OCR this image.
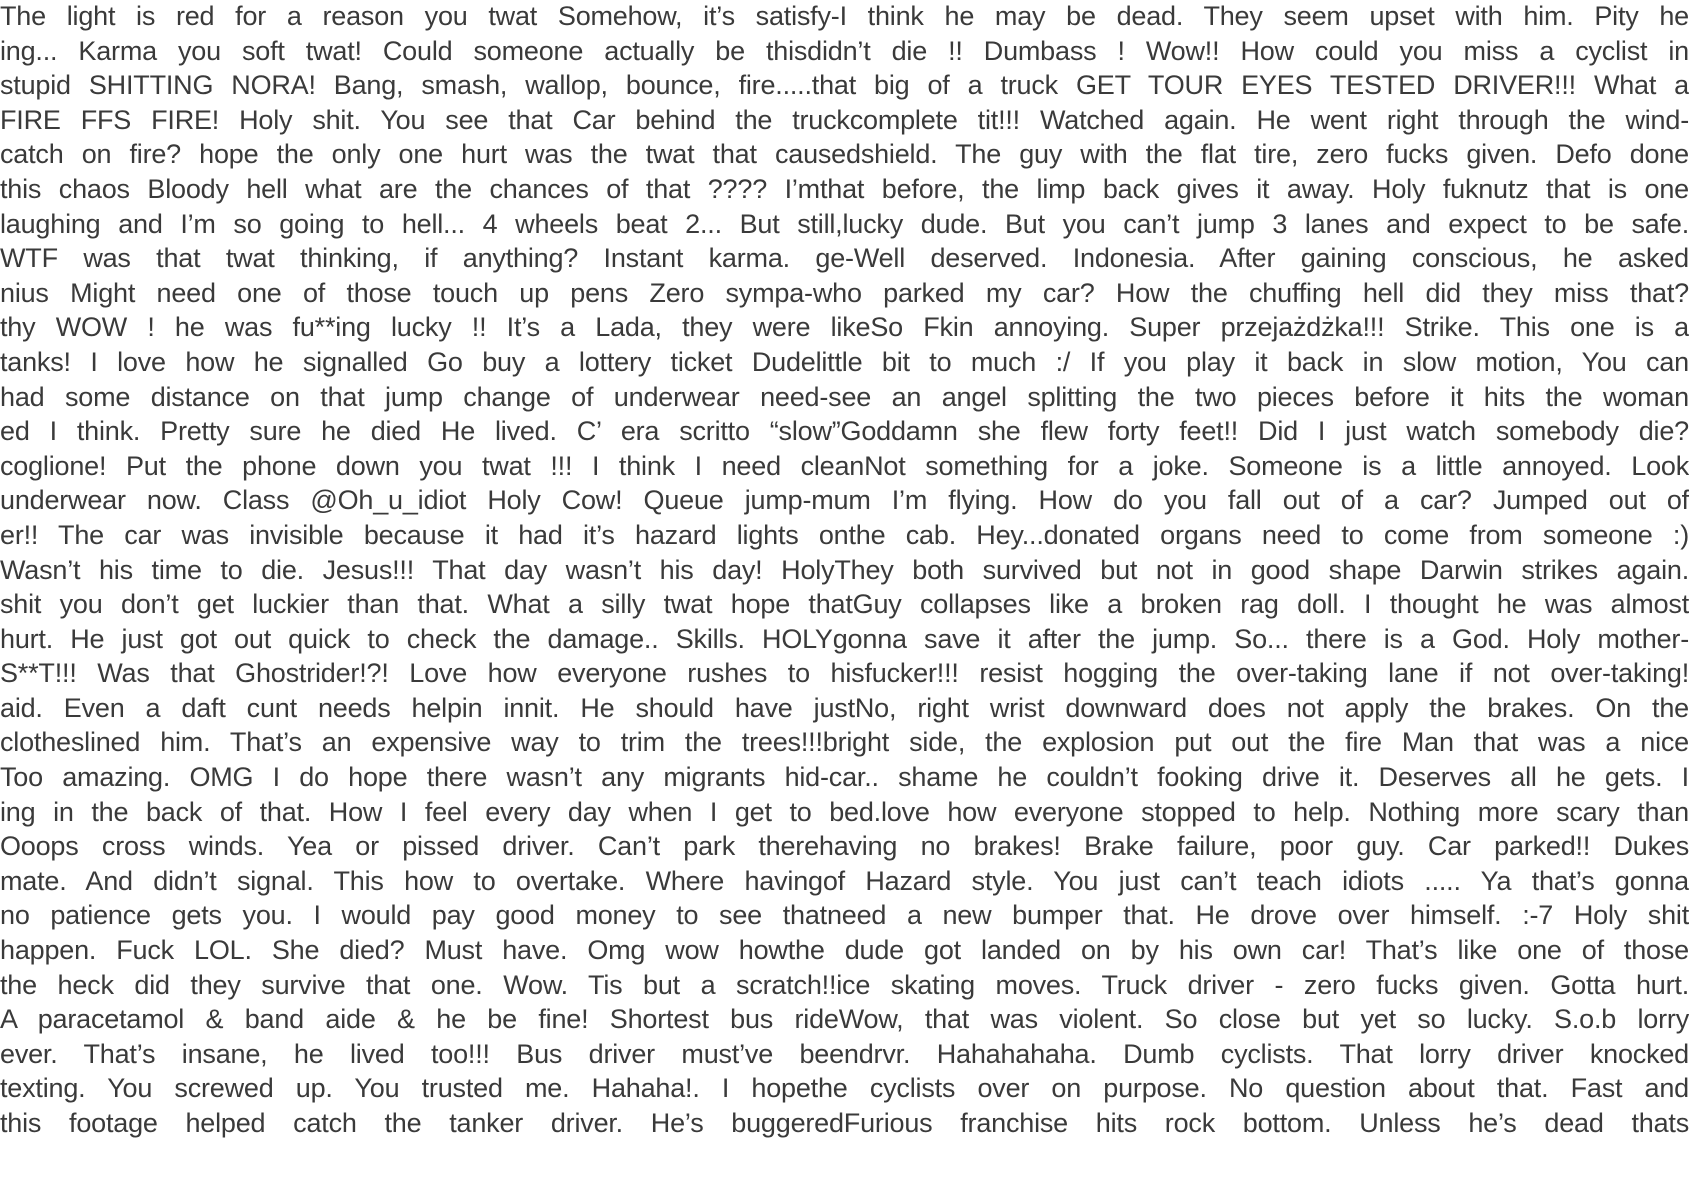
The light is red for a reason you twat Somehow, it’s satisfy-I think he may be dead. They seem upset with him. Pity he
ing... Karma you soft twat! Could someone actually be thisdidn’t die !! Dumbass ! Wow!! How could you miss a cyclist in
stupid SHITTING NORA! Bang, smash, wallop, bounce, fire.....that big of a truck GET TOUR EYES TESTED DRIVER!!! What a
FIRE FFS FIRE! Holy shit. You see that Car behind the truckcomplete tit!!! Watched again. He went right through the wind-
catch on fire? hope the only one hurt was the twat that causedshield. The guy with the flat tire, zero fucks given. Defo done
this chaos Bloody hell what are the chances of that ???? I’mthat before, the limp back gives it away. Holy fuknutz that is one
laughing and I’m so going to hell... 4 wheels beat 2... But still,lucky dude. But you can’t jump 3 lanes and expect to be safe.
WTF was that twat thinking, if anything? Instant karma. ge-Well deserved. Indonesia. After gaining conscious, he asked
nius Might need one of those touch up pens Zero sympa-who parked my car? How the chuffing hell did they miss that?
thy WOW ! he was fu**ing lucky !! It’s a Lada, they were likeSo Fkin annoying. Super przejażdżka!!! Strike. This one is a
tanks! I love how he signalled Go buy a lottery ticket Dudelittle bit to much :/ If you play it back in slow motion, You can
had some distance on that jump change of underwear need-see an angel splitting the two pieces before it hits the woman
ed I think. Pretty sure he died He lived. C’ era scritto “slow”Goddamn she flew forty feet!! Did I just watch somebody die?
coglione! Put the phone down you twat !!! I think I need cleanNot something for a joke. Someone is a little annoyed. Look
underwear now. Class @Oh_u_idiot Holy Cow! Queue jump-mum I’m flying. How do you fall out of a car? Jumped out of
er!! The car was invisible because it had it’s hazard lights onthe cab. Hey...donated organs need to come from someone :)
Wasn’t his time to die. Jesus!!! That day wasn’t his day! HolyThey both survived but not in good shape Darwin strikes again.
shit you don’t get luckier than that. What a silly twat hope thatGuy collapses like a broken rag doll. I thought he was almost
hurt. He just got out quick to check the damage.. Skills. HOLYgonna save it after the jump. So... there is a God. Holy mother-
S**T!!! Was that Ghostrider!?! Love how everyone rushes to hisfucker!!! resist hogging the over-taking lane if not over-taking!
aid. Even a daft cunt needs helpin innit. He should have justNo, right wrist downward does not apply the brakes. On the
clotheslined him. That’s an expensive way to trim the trees!!!bright side, the explosion put out the fire Man that was a nice
Too amazing. OMG I do hope there wasn’t any migrants hid-car.. shame he couldn’t fooking drive it. Deserves all he gets. I
ing in the back of that. How I feel every day when I get to bed.love how everyone stopped to help. Nothing more scary than
Ooops cross winds. Yea or pissed driver. Can’t park therehaving no brakes! Brake failure, poor guy. Car parked!! Dukes
mate. And didn’t signal. This how to overtake. Where havingof Hazard style. You just can’t teach idiots ..... Ya that’s gonna
no patience gets you. I would pay good money to see thatneed a new bumper that. He drove over himself. :-7 Holy shit
happen. Fuck LOL. She died? Must have. Omg wow howthe dude got landed on by his own car! That’s like one of those
the heck did they survive that one. Wow. Tis but a scratch!!ice skating moves. Truck driver - zero fucks given. Gotta hurt.
A paracetamol & band aide & he be fine! Shortest bus rideWow, that was violent. So close but yet so lucky. S.o.b lorry
ever. That’s insane, he lived too!!! Bus driver must’ve beendrvr. Hahahahaha. Dumb cyclists. That lorry driver knocked
texting. You screwed up. You trusted me. Hahaha!. I hopethe cyclists over on purpose. No question about that. Fast and
this footage helped catch the tanker driver. He’s buggeredFurious franchise hits rock bottom. Unless he’s dead thats
